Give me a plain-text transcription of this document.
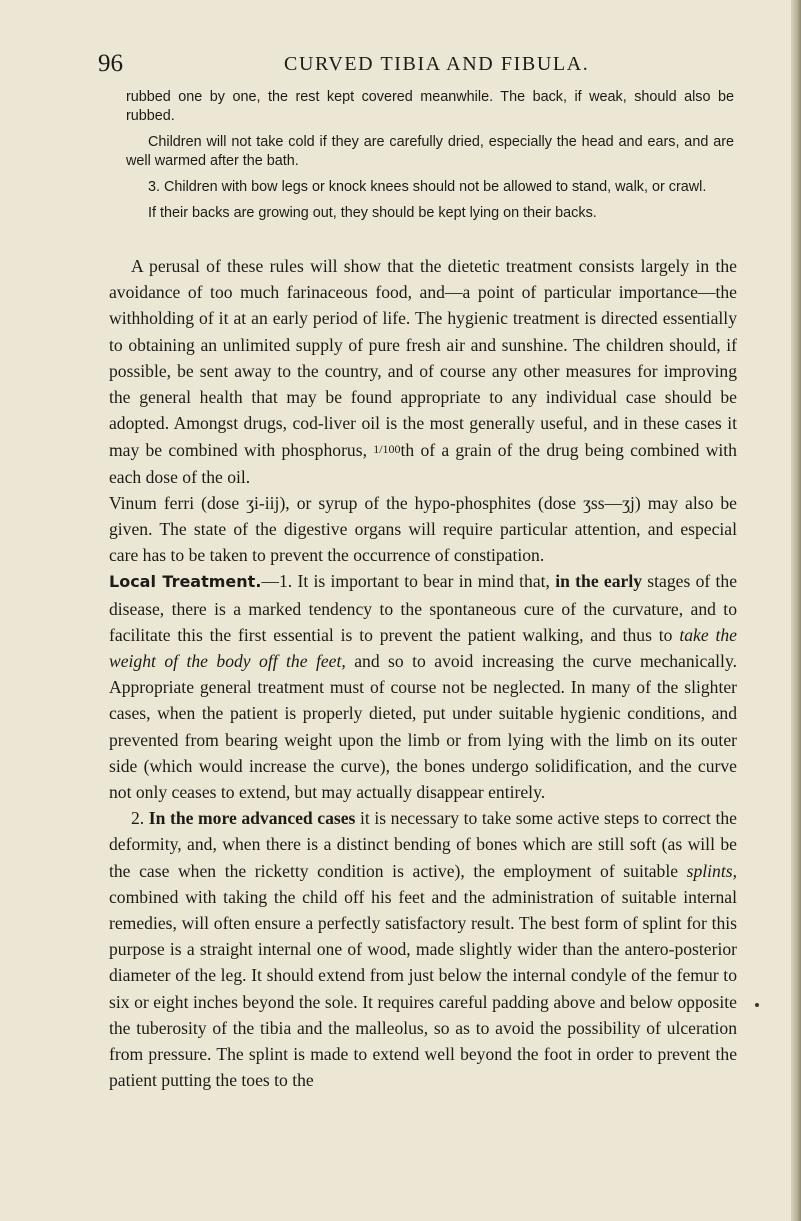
96	CURVED TIBIA AND FIBULA.

rubbed one by one, the rest kept covered meanwhile. The back, if weak, should also be rubbed.

Children will not take cold if they are carefully dried, especially the head and ears, and are well warmed after the bath.

3. Children with bow legs or knock knees should not be allowed to stand, walk, or crawl.

If their backs are growing out, they should be kept lying on their backs.

A perusal of these rules will show that the dietetic treatment consists largely in the avoidance of too much farinaceous food, and—a point of particular importance—the withholding of it at an early period of life. The hygienic treatment is directed essentially to obtaining an unlimited supply of pure fresh air and sunshine. The children should, if possible, be sent away to the country, and of course any other measures for improving the general health that may be found appropriate to any individual case should be adopted. Amongst drugs, cod-liver oil is the most generally useful, and in these cases it may be combined with phosphorus, 1/100th of a grain of the drug being combined with each dose of the oil.

Vinum ferri (dose ʒi-iij), or syrup of the hypo-phosphites (dose ʒss—ʒj) may also be given. The state of the digestive organs will require particular attention, and especial care has to be taken to prevent the occurrence of constipation.

Local Treatment.—1. It is important to bear in mind that, in the early stages of the disease, there is a marked tendency to the spontaneous cure of the curvature, and to facilitate this the first essential is to prevent the patient walking, and thus to take the weight of the body off the feet, and so to avoid increasing the curve mechanically. Appropriate general treatment must of course not be neglected. In many of the slighter cases, when the patient is properly dieted, put under suitable hygienic conditions, and prevented from bearing weight upon the limb or from lying with the limb on its outer side (which would increase the curve), the bones undergo solidification, and the curve not only ceases to extend, but may actually disappear entirely.

2. In the more advanced cases it is necessary to take some active steps to correct the deformity, and, when there is a distinct bending of bones which are still soft (as will be the case when the ricketty condition is active), the employment of suitable splints, combined with taking the child off his feet and the administration of suitable internal remedies, will often ensure a perfectly satisfactory result. The best form of splint for this purpose is a straight internal one of wood, made slightly wider than the antero-posterior diameter of the leg. It should extend from just below the internal condyle of the femur to six or eight inches beyond the sole. It requires careful padding above and below opposite the tuberosity of the tibia and the malleolus, so as to avoid the possibility of ulceration from pressure. The splint is made to extend well beyond the foot in order to prevent the patient putting the toes to the
